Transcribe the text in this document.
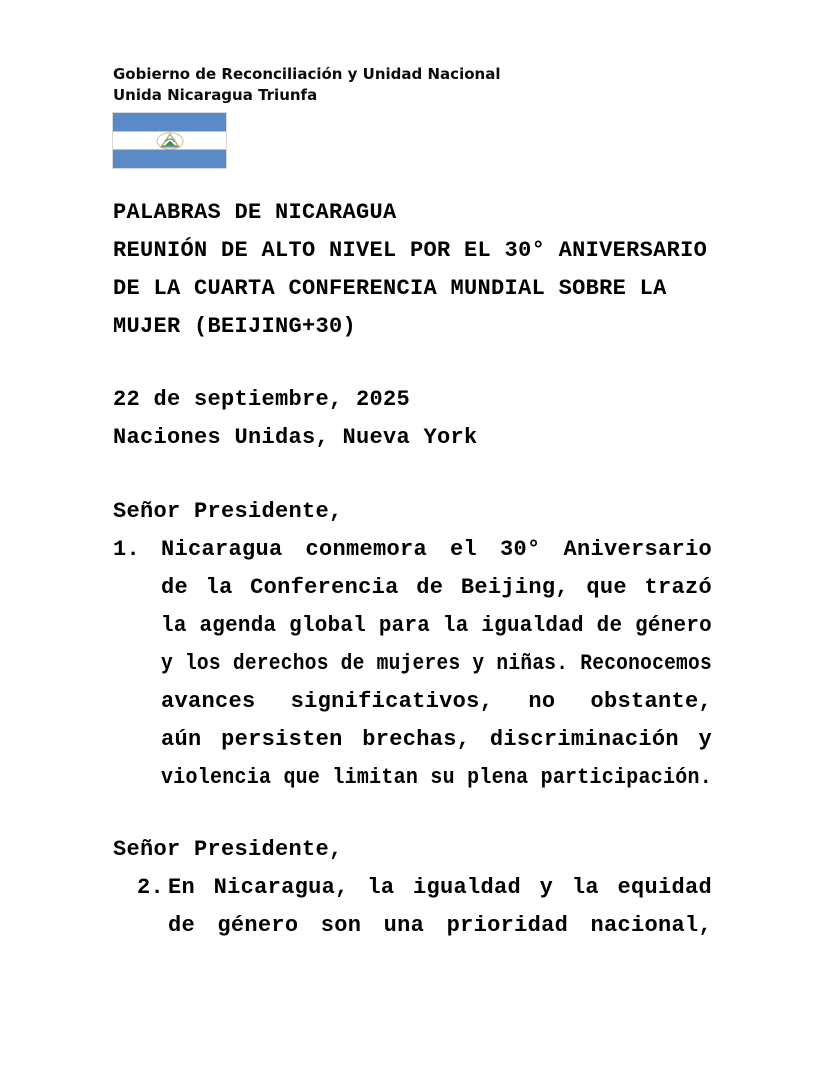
Gobierno de Reconciliación y Unidad Nacional
Unida Nicaragua Triunfa
PALABRAS DE NICARAGUA
REUNIÓN DE ALTO NIVEL POR EL 30° ANIVERSARIO
DE LA CUARTA CONFERENCIA MUNDIAL SOBRE LA
MUJER (BEIJING+30)
22 de septiembre, 2025
Naciones Unidas, Nueva York
Señor Presidente,
1. Nicaragua conmemora el 30° Aniversario
de la Conferencia de Beijing, que trazó
la agenda global para la igualdad de género
y los derechos de mujeres y niñas. Reconocemos
avances significativos, no obstante,
aún persisten brechas, discriminación y
violencia que limitan su plena participación.
Señor Presidente,
2. En Nicaragua, la igualdad y la equidad
de género son una prioridad nacional,
